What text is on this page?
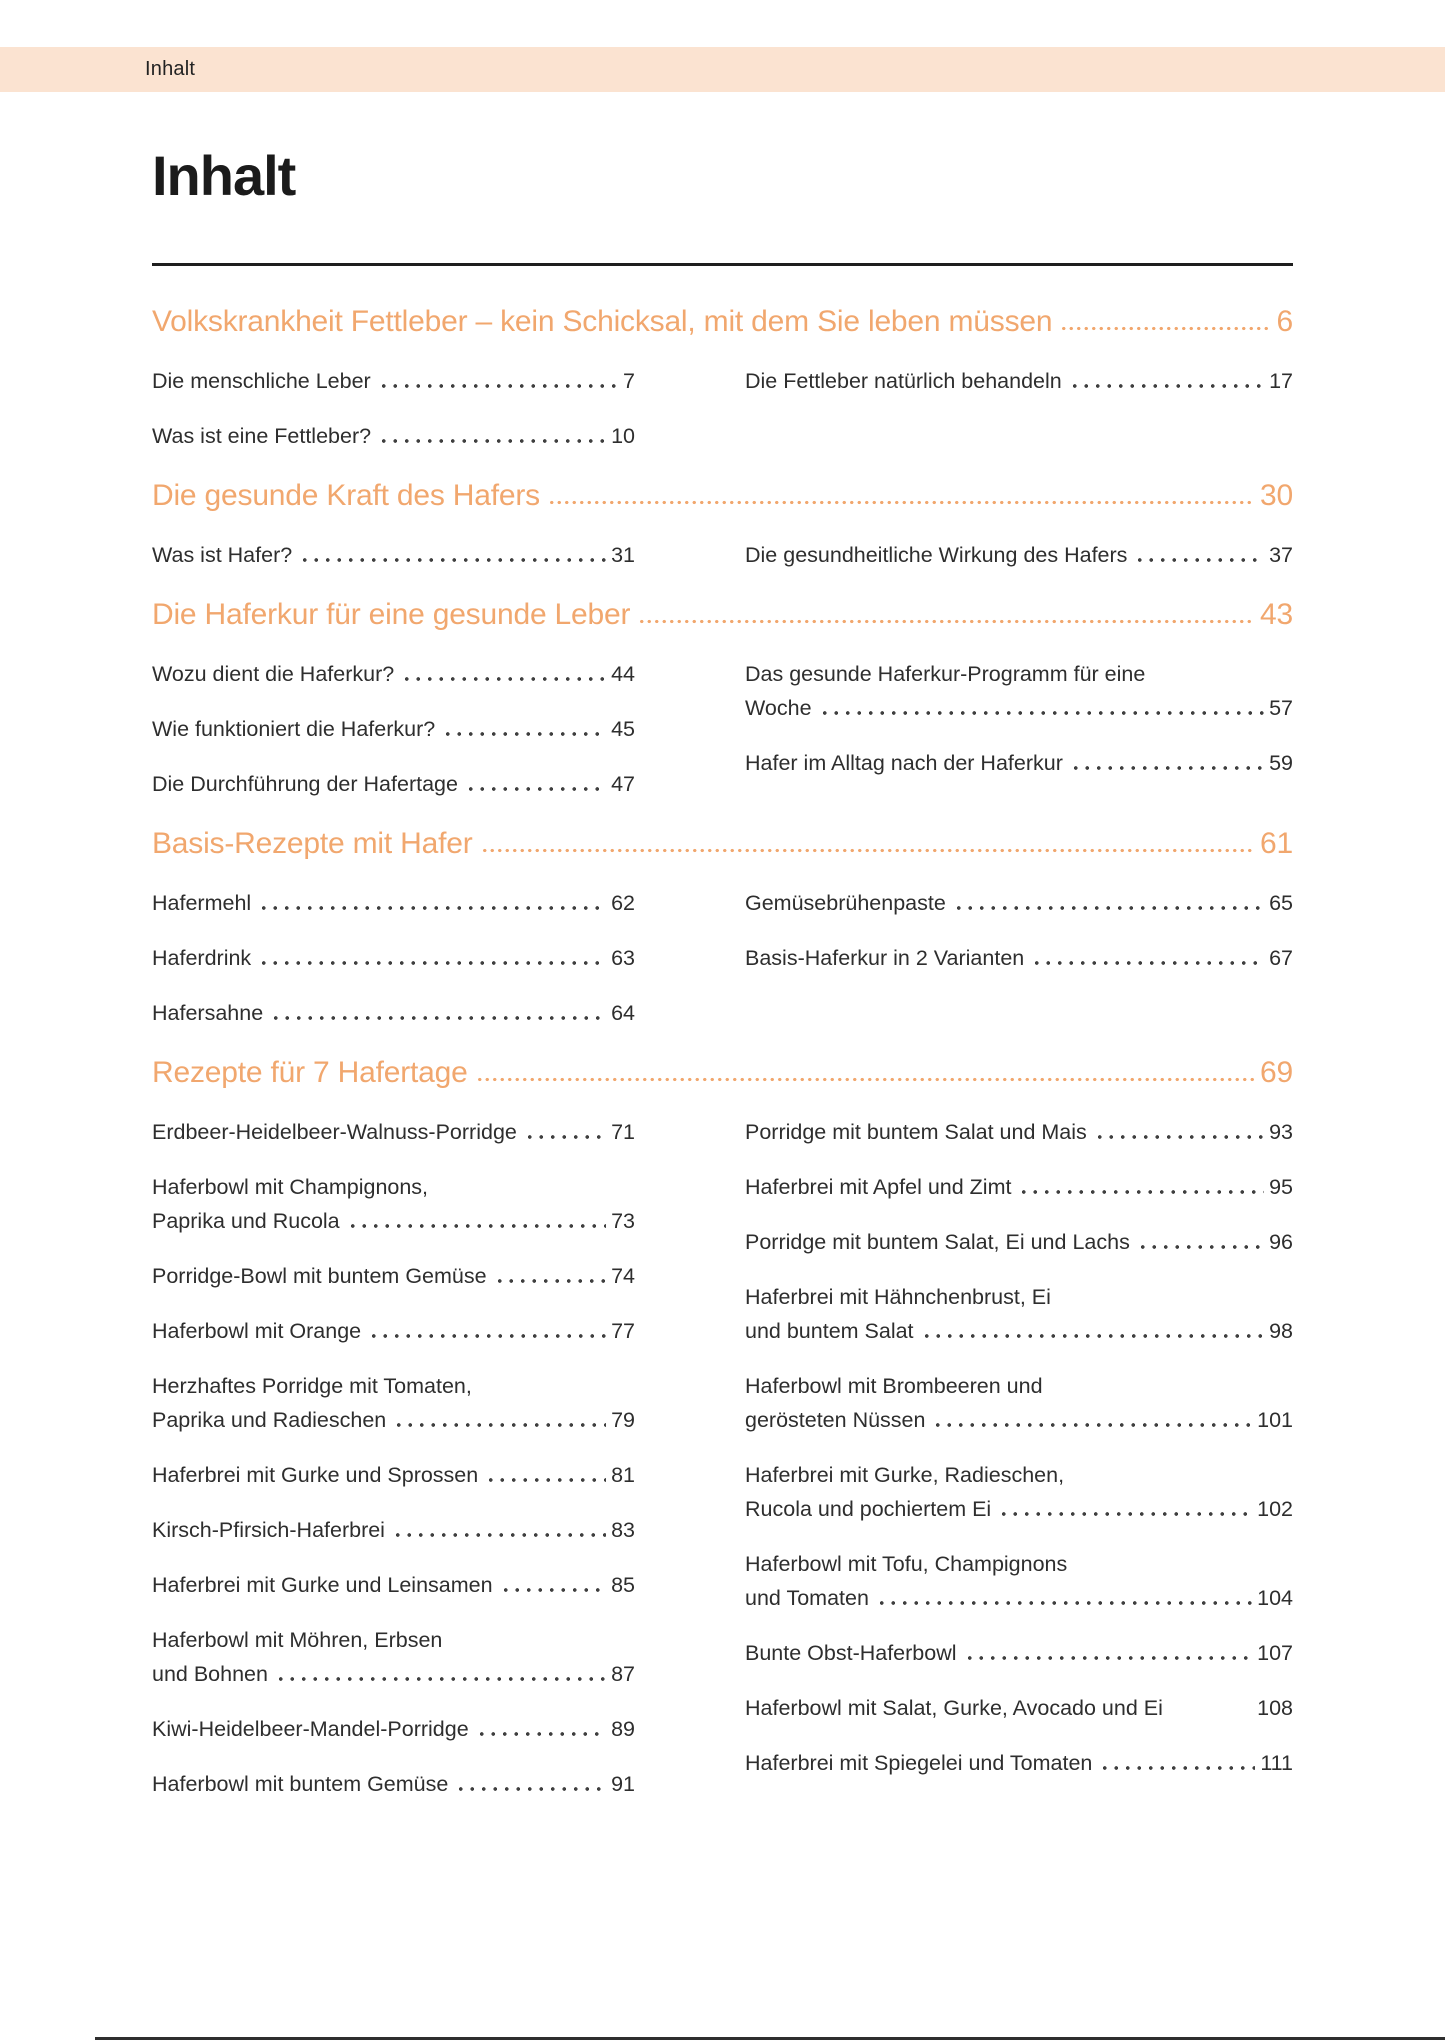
Inhalt
Inhalt
Volkskrankheit Fettleber – kein Schicksal, mit dem Sie leben müssen	6
Die menschliche Leber	7
Was ist eine Fettleber?	10
Die Fettleber natürlich behandeln	17
Die gesunde Kraft des Hafers	30
Was ist Hafer?	31	Die gesundheitliche Wirkung des Hafers	37
Die Haferkur für eine gesunde Leber	43
Wozu dient die Haferkur?	44
Wie funktioniert die Haferkur?	45
Die Durchführung der Hafertage	47
Das gesunde Haferkur-Programm für eine
Woche	57
Hafer im Alltag nach der Haferkur	59
Basis-Rezepte mit Hafer	61
Hafermehl	62
Haferdrink	63
Hafersahne	64
Gemüsebrühenpaste	65
Basis-Haferkur in 2 Varianten	67
Rezepte für 7 Hafertage	69
Erdbeer-Heidelbeer-Walnuss-Porridge	71
Haferbowl mit Champignons,
Paprika und Rucola	73
Porridge-Bowl mit buntem Gemüse	74
Haferbowl mit Orange	77
Herzhaftes Porridge mit Tomaten,
Paprika und Radieschen	79
Haferbrei mit Gurke und Sprossen	81
Kirsch-Pfirsich-Haferbrei	83
Haferbrei mit Gurke und Leinsamen	85
Haferbowl mit Möhren, Erbsen
und Bohnen	87
Kiwi-Heidelbeer-Mandel-Porridge	89
Haferbowl mit buntem Gemüse	91
Porridge mit buntem Salat und Mais	93
Haferbrei mit Apfel und Zimt	95
Porridge mit buntem Salat, Ei und Lachs	96
Haferbrei mit Hähnchenbrust, Ei
und buntem Salat	98
Haferbowl mit Brombeeren und
gerösteten Nüssen	101
Haferbrei mit Gurke, Radieschen,
Rucola und pochiertem Ei	102
Haferbowl mit Tofu, Champignons
und Tomaten	104
Bunte Obst-Haferbowl	107
Haferbowl mit Salat, Gurke, Avocado und Ei	108
Haferbrei mit Spiegelei und Tomaten	111
